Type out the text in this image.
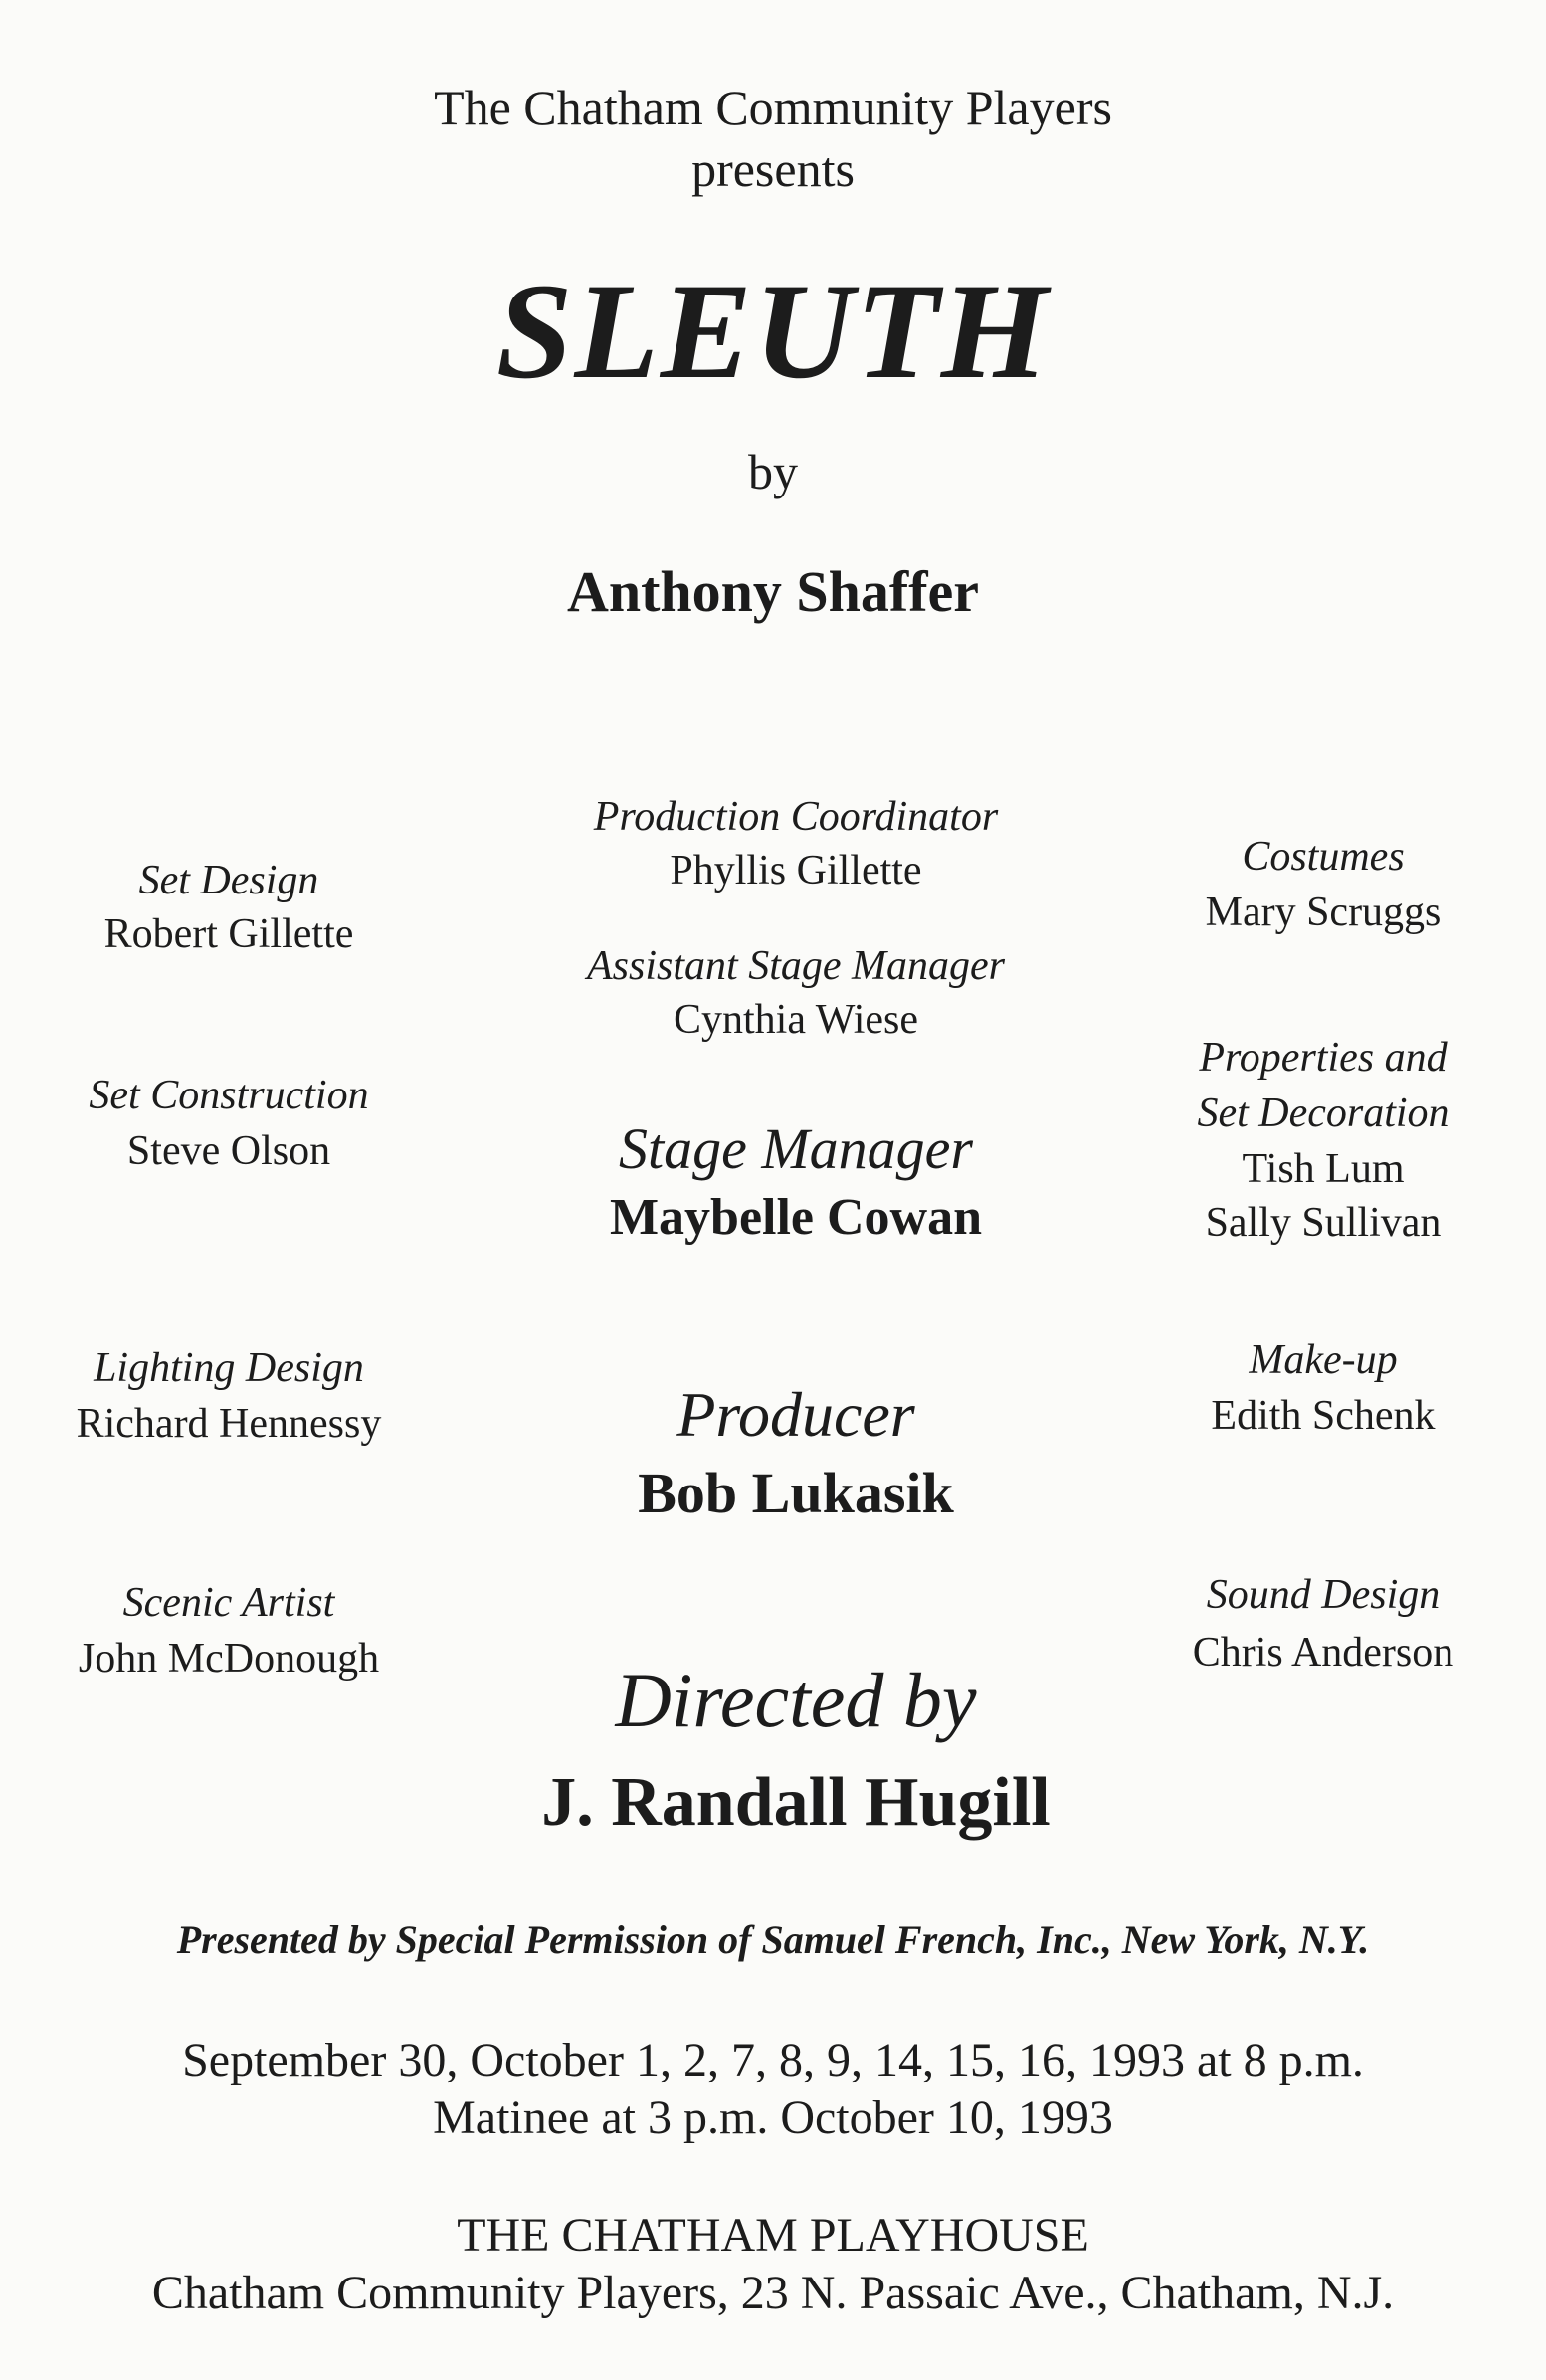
The Chatham Community Players
presents
SLEUTH
by
Anthony Shaffer
Production Coordinator
Phyllis Gillette
Assistant Stage Manager
Cynthia Wiese
Stage Manager
Maybelle Cowan
Producer
Bob Lukasik
Directed by
J. Randall Hugill
Set Design
Robert Gillette
Set Construction
Steve Olson
Lighting Design
Richard Hennessy
Scenic Artist
John McDonough
Costumes
Mary Scruggs
Properties and
Set Decoration
Tish Lum
Sally Sullivan
Make-up
Edith Schenk
Sound Design
Chris Anderson
Presented by Special Permission of Samuel French, Inc., New York, N.Y.
September 30, October 1, 2, 7, 8, 9, 14, 15, 16, 1993 at 8 p.m.
Matinee at 3 p.m. October 10, 1993
THE CHATHAM PLAYHOUSE
Chatham Community Players, 23 N. Passaic Ave., Chatham, N.J.
